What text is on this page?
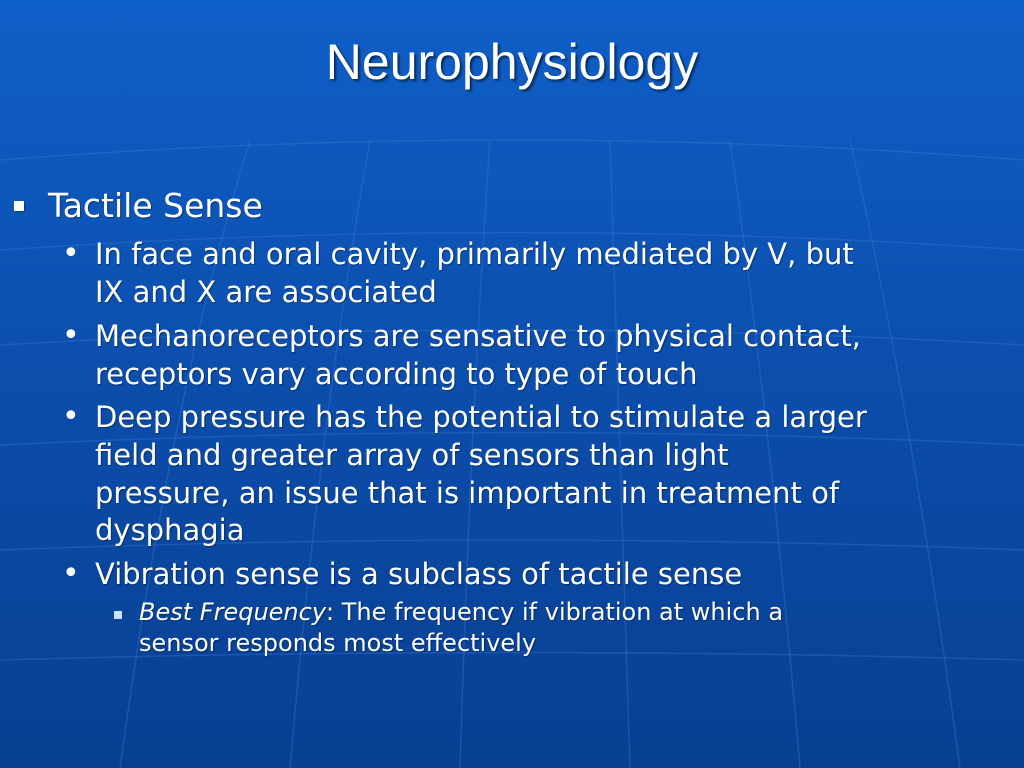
Neurophysiology
Tactile Sense
• In face and oral cavity, primarily mediated by V, but
IX and X are associated
• Mechanoreceptors are sensative to physical contact,
receptors vary according to type of touch
• Deep pressure has the potential to stimulate a larger
field and greater array of sensors than light
pressure, an issue that is important in treatment of
dysphagia
• Vibration sense is a subclass of tactile sense
Best Frequency: The frequency if vibration at which a
sensor responds most effectively
